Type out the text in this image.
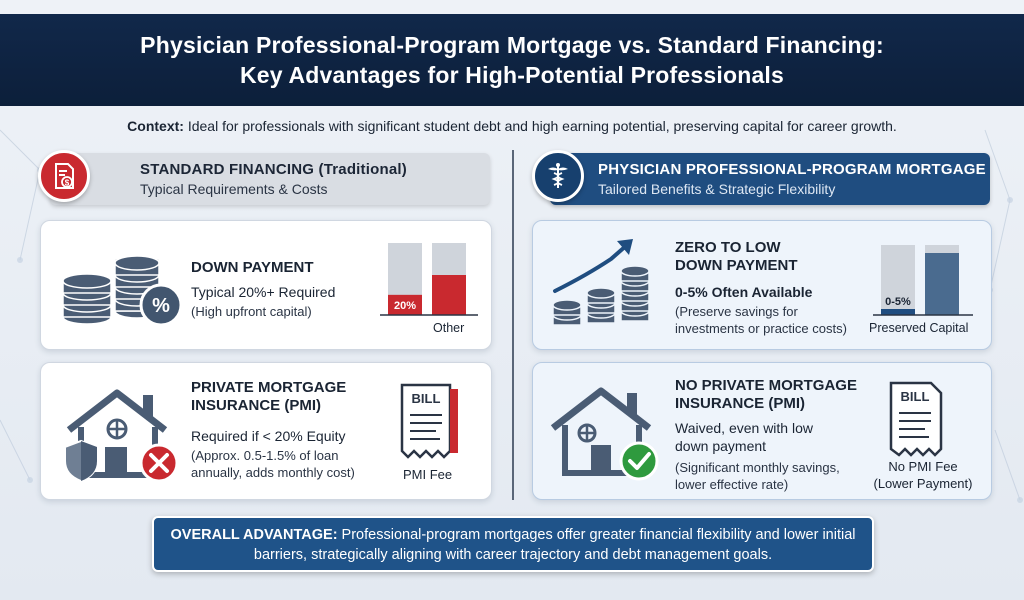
Physician Professional-Program Mortgage vs. Standard Financing:
Key Advantages for High-Potential Professionals
Context: Ideal for professionals with significant student debt and high earning potential, preserving capital for career growth.
STANDARD FINANCING (Traditional)
Typical Requirements & Costs
$
PHYSICIAN PROFESSIONAL-PROGRAM MORTGAGE
Tailored Benefits & Strategic Flexibility
%
DOWN PAYMENT
Typical 20%+ Required
(High upfront capital)	20%
Other
PRIVATE MORTGAGE
INSURANCE (PMI)
Required if < 20% Equity
(Approx. 0.5-1.5% of loan
annually, adds monthly cost)
BILL
PMI Fee
ZERO TO LOW
DOWN PAYMENT
0-5% Often Available
(Preserve savings for
investments or practice costs)
0-5%
Preserved Capital
NO PRIVATE MORTGAGE
INSURANCE (PMI)
Waived, even with low
down payment
(Significant monthly savings,
lower effective rate)
BILL
No PMI Fee
(Lower Payment)
OVERALL ADVANTAGE: Professional-program mortgages offer greater financial flexibility and lower initial barriers, strategically aligning with career trajectory and debt management goals.
